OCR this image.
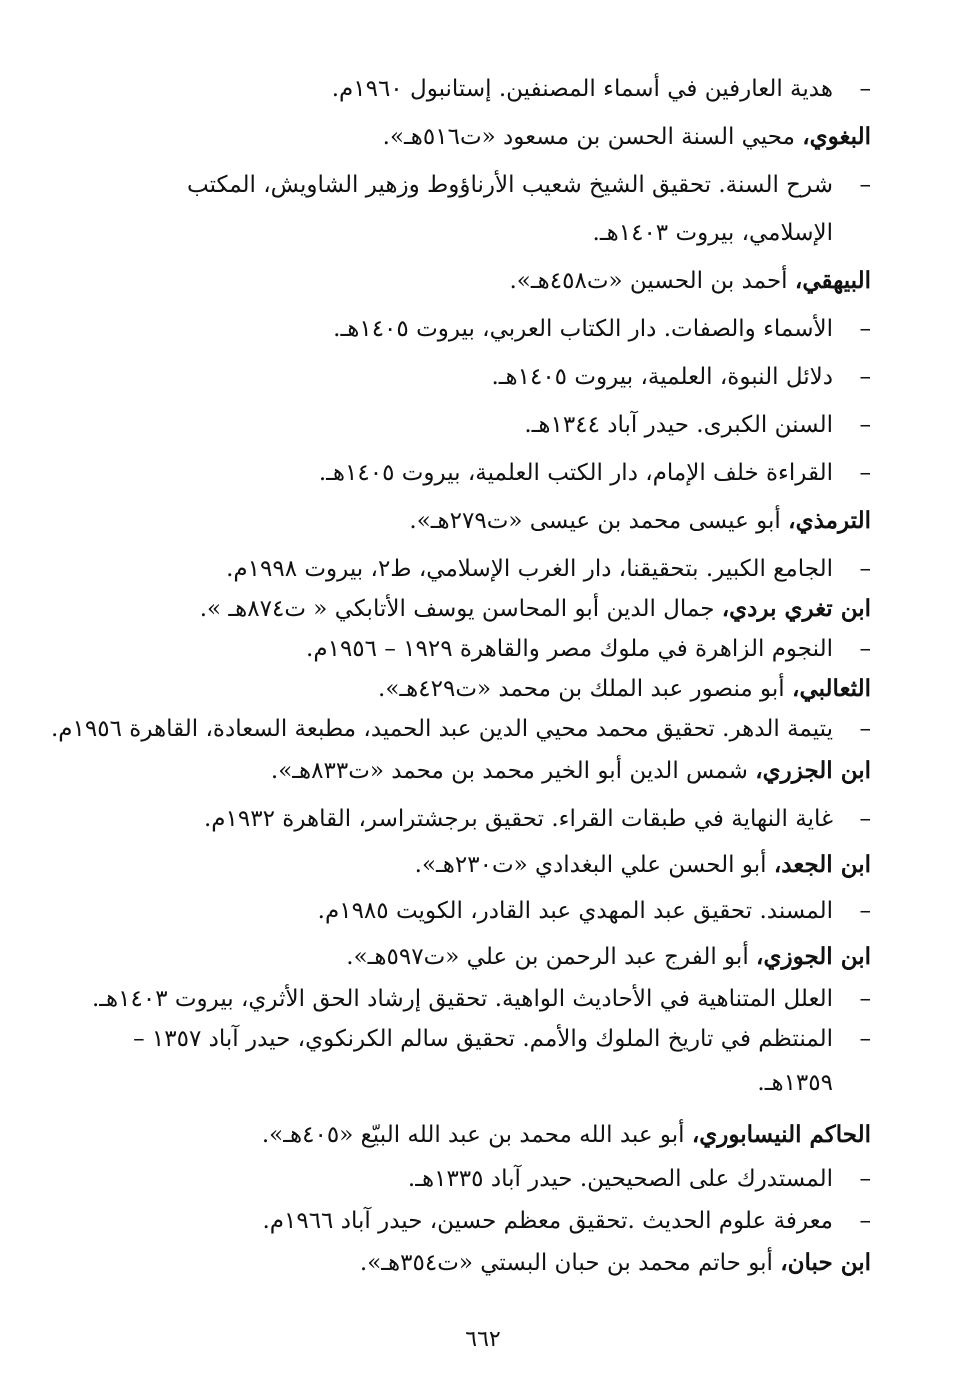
–هدية العارفين في أسماء المصنفين. إستانبول ١٩٦٠م.
البغوي، محيي السنة الحسن بن مسعود «ت٥١٦هـ».
–شرح السنة. تحقيق الشيخ شعيب الأرناؤوط وزهير الشاويش، المكتب
الإسلامي، بيروت ١٤٠٣هـ.
البيهقي، أحمد بن الحسين «ت٤٥٨هـ».
–الأسماء والصفات. دار الكتاب العربي، بيروت ١٤٠٥هـ.
–دلائل النبوة، العلمية، بيروت ١٤٠٥هـ.
–السنن الكبرى. حيدر آباد ١٣٤٤هـ.
–القراءة خلف الإمام، دار الكتب العلمية، بيروت ١٤٠٥هـ.
الترمذي، أبو عيسى محمد بن عيسى «ت٢٧٩هـ».
–الجامع الكبير. بتحقيقنا، دار الغرب الإسلامي، ط٢، بيروت ١٩٩٨م.
ابن تغري بردي، جمال الدين أبو المحاسن يوسف الأتابكي « ت٨٧٤هـ ».
–النجوم الزاهرة في ملوك مصر والقاهرة ١٩٢٩ – ١٩٥٦م.
الثعالبي، أبو منصور عبد الملك بن محمد «ت٤٢٩هـ».
–يتيمة الدهر. تحقيق محمد محيي الدين عبد الحميد، مطبعة السعادة، القاهرة ١٩٥٦م.
ابن الجزري، شمس الدين أبو الخير محمد بن محمد «ت٨٣٣هـ».
–غاية النهاية في طبقات القراء. تحقيق برجشتراسر، القاهرة ١٩٣٢م.
ابن الجعد، أبو الحسن علي البغدادي «ت٢٣٠هـ».
–المسند. تحقيق عبد المهدي عبد القادر، الكويت ١٩٨٥م.
ابن الجوزي، أبو الفرج عبد الرحمن بن علي «ت٥٩٧هـ».
–العلل المتناهية في الأحاديث الواهية. تحقيق إرشاد الحق الأثري، بيروت ١٤٠٣هـ.
–المنتظم في تاريخ الملوك والأمم. تحقيق سالم الكرنكوي، حيدر آباد ١٣٥٧ –
١٣٥٩هـ.
الحاكم النيسابوري، أبو عبد الله محمد بن عبد الله البيّع «٤٠٥هـ».
–المستدرك على الصحيحين. حيدر آباد ١٣٣٥هـ.
–معرفة علوم الحديث .تحقيق معظم حسين، حيدر آباد ١٩٦٦م.
ابن حبان، أبو حاتم محمد بن حبان البستي «ت٣٥٤هـ».
٦٦٢
